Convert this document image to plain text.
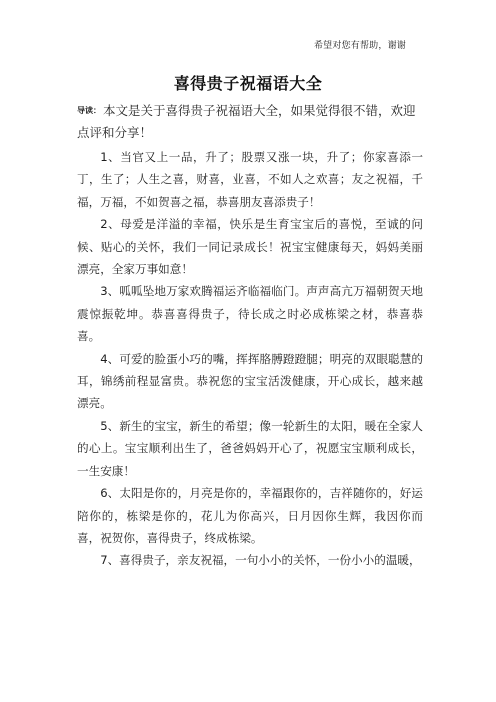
希望对您有帮助，谢谢
喜得贵子祝福语大全

导读： 本文是关于喜得贵子祝福语大全，如果觉得很不错，欢迎点评和分享！

1、当官又上一品，升了；股票又涨一块，升了；你家喜添一丁，生了；人生之喜，财喜，业喜，不如人之欢喜；友之祝福，千福，万福，不如贺喜之福，恭喜朋友喜添贵子！

2、母爱是洋溢的幸福，快乐是生育宝宝后的喜悦，至诚的问候、贴心的关怀，我们一同记录成长！祝宝宝健康每天，妈妈美丽漂亮，全家万事如意！

3、呱呱坠地万家欢腾福运齐临福临门。声声高亢万福朝贺天地震惊振乾坤。恭喜喜得贵子，待长成之时必成栋梁之材，恭喜恭喜。

4、可爱的脸蛋小巧的嘴，挥挥胳膊蹬蹬腿；明亮的双眼聪慧的耳，锦绣前程显富贵。恭祝您的宝宝活泼健康，开心成长，越来越漂亮。

5、新生的宝宝，新生的希望；像一轮新生的太阳，暖在全家人的心上。宝宝顺利出生了，爸爸妈妈开心了，祝愿宝宝顺利成长，一生安康！

6、太阳是你的，月亮是你的，幸福跟你的，吉祥随你的，好运陪你的，栋梁是你的，花儿为你高兴，日月因你生辉，我因你而喜，祝贺你，喜得贵子，终成栋梁。

7、喜得贵子，亲友祝福，一句小小的关怀，一份小小的温暖，
